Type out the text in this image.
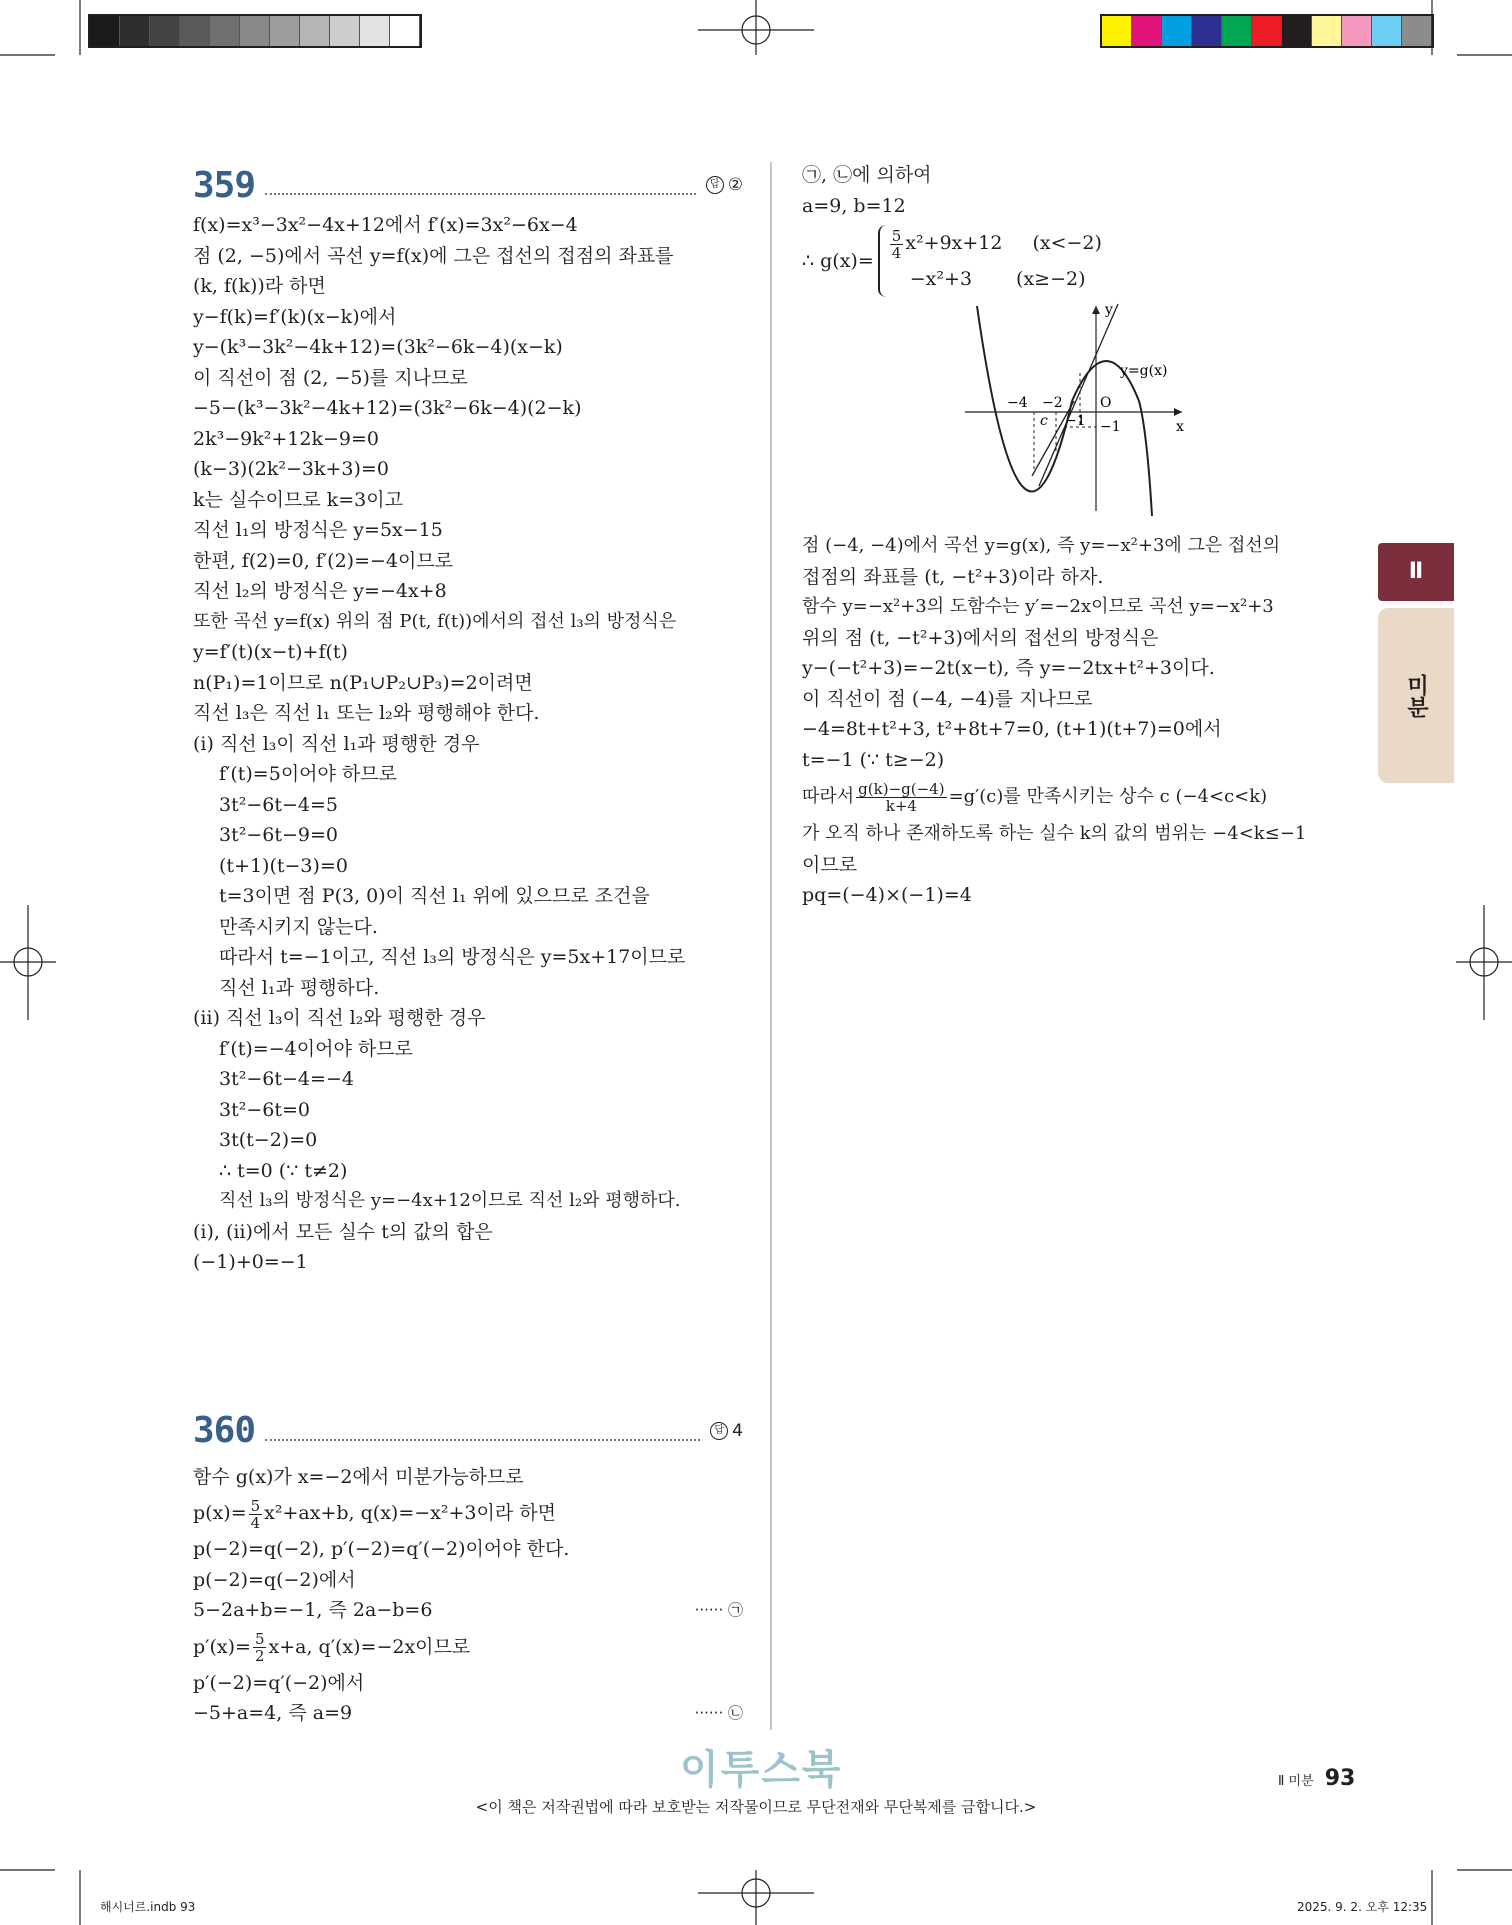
359	답 ②
f(x)=x³−3x²−4x+12에서 f′(x)=3x²−6x−4
점 (2, −5)에서 곡선 y=f(x)에 그은 접선의 접점의 좌표를
(k, f(k))라 하면
y−f(k)=f′(k)(x−k)에서
y−(k³−3k²−4k+12)=(3k²−6k−4)(x−k)
이 직선이 점 (2, −5)를 지나므로
−5−(k³−3k²−4k+12)=(3k²−6k−4)(2−k)
2k³−9k²+12k−9=0
(k−3)(2k²−3k+3)=0
k는 실수이므로 k=3이고
직선 l₁의 방정식은 y=5x−15
한편, f(2)=0, f′(2)=−4이므로
직선 l₂의 방정식은 y=−4x+8
또한 곡선 y=f(x) 위의 점 P(t, f(t))에서의 접선 l₃의 방정식은
y=f′(t)(x−t)+f(t)
n(P₁)=1이므로 n(P₁∪P₂∪P₃)=2이려면
직선 l₃은 직선 l₁ 또는 l₂와 평행해야 한다.
(ⅰ) 직선 l₃이 직선 l₁과 평행한 경우
f′(t)=5이어야 하므로
3t²−6t−4=5
3t²−6t−9=0
(t+1)(t−3)=0
t=3이면 점 P(3, 0)이 직선 l₁ 위에 있으므로 조건을
만족시키지 않는다.
따라서 t=−1이고, 직선 l₃의 방정식은 y=5x+17이므로
직선 l₁과 평행하다.
(ⅱ) 직선 l₃이 직선 l₂와 평행한 경우
f′(t)=−4이어야 하므로
3t²−6t−4=−4
3t²−6t=0
3t(t−2)=0
∴ t=0 (∵ t≠2)
직선 l₃의 방정식은 y=−4x+12이므로 직선 l₂와 평행하다.
(ⅰ), (ⅱ)에서 모든 실수 t의 값의 합은
(−1)+0=−1
360	답 4
함수 g(x)가 x=−2에서 미분가능하므로
$p(x)= \frac{5}{4} x^2+ax+b$, q(x)=−x²+3이라 하면
p(−2)=q(−2), p′(−2)=q′(−2)이어야 한다.
p(−2)=q(−2)에서
5−2a+b=−1, 즉 2a−b=6	······ ㉠
$p'(x)= \frac{5}{2} x+a$, q′(x)=−2x이므로
p′(−2)=q′(−2)에서
−5+a=4, 즉 a=9	······ ㉡
㉠, ㉡에 의하여
a=9, b=12
∴ g(x)=
$\frac{5}{4} x^2+9x+12$ (x<−2)
−x²+3 (x≥−2)
y
x
y=g(x)
O
−4 −2
−1 −1
c
점 (−4, −4)에서 곡선 y=g(x), 즉 y=−x²+3에 그은 접선의
접점의 좌표를 (t, −t²+3)이라 하자.
함수 y=−x²+3의 도함수는 y′=−2x이므로 곡선 y=−x²+3
위의 점 (t, −t²+3)에서의 접선의 방정식은
y−(−t²+3)=−2t(x−t), 즉 y=−2tx+t²+3이다.
이 직선이 점 (−4, −4)를 지나므로
−4=8t+t²+3, t²+8t+7=0, (t+1)(t+7)=0에서
t=−1 (∵ t≥−2)
따라서 $\frac{g(k)-g(-4)}{k+4} =g'(c)$를 만족시키는 상수 c (−4<c<k)
가 오직 하나 존재하도록 하는 실수 k의 값의 범위는 −4<k≤−1
이므로
pq=(−4)×(−1)=4
Ⅱ
미분
이투스북	Ⅱ 미분 93
<이 책은 저작권법에 따라 보호받는 저작물이므로 무단전재와 무단복제를 금합니다.>
해시너르.indb 93	2025. 9. 2. 오후 12:35
